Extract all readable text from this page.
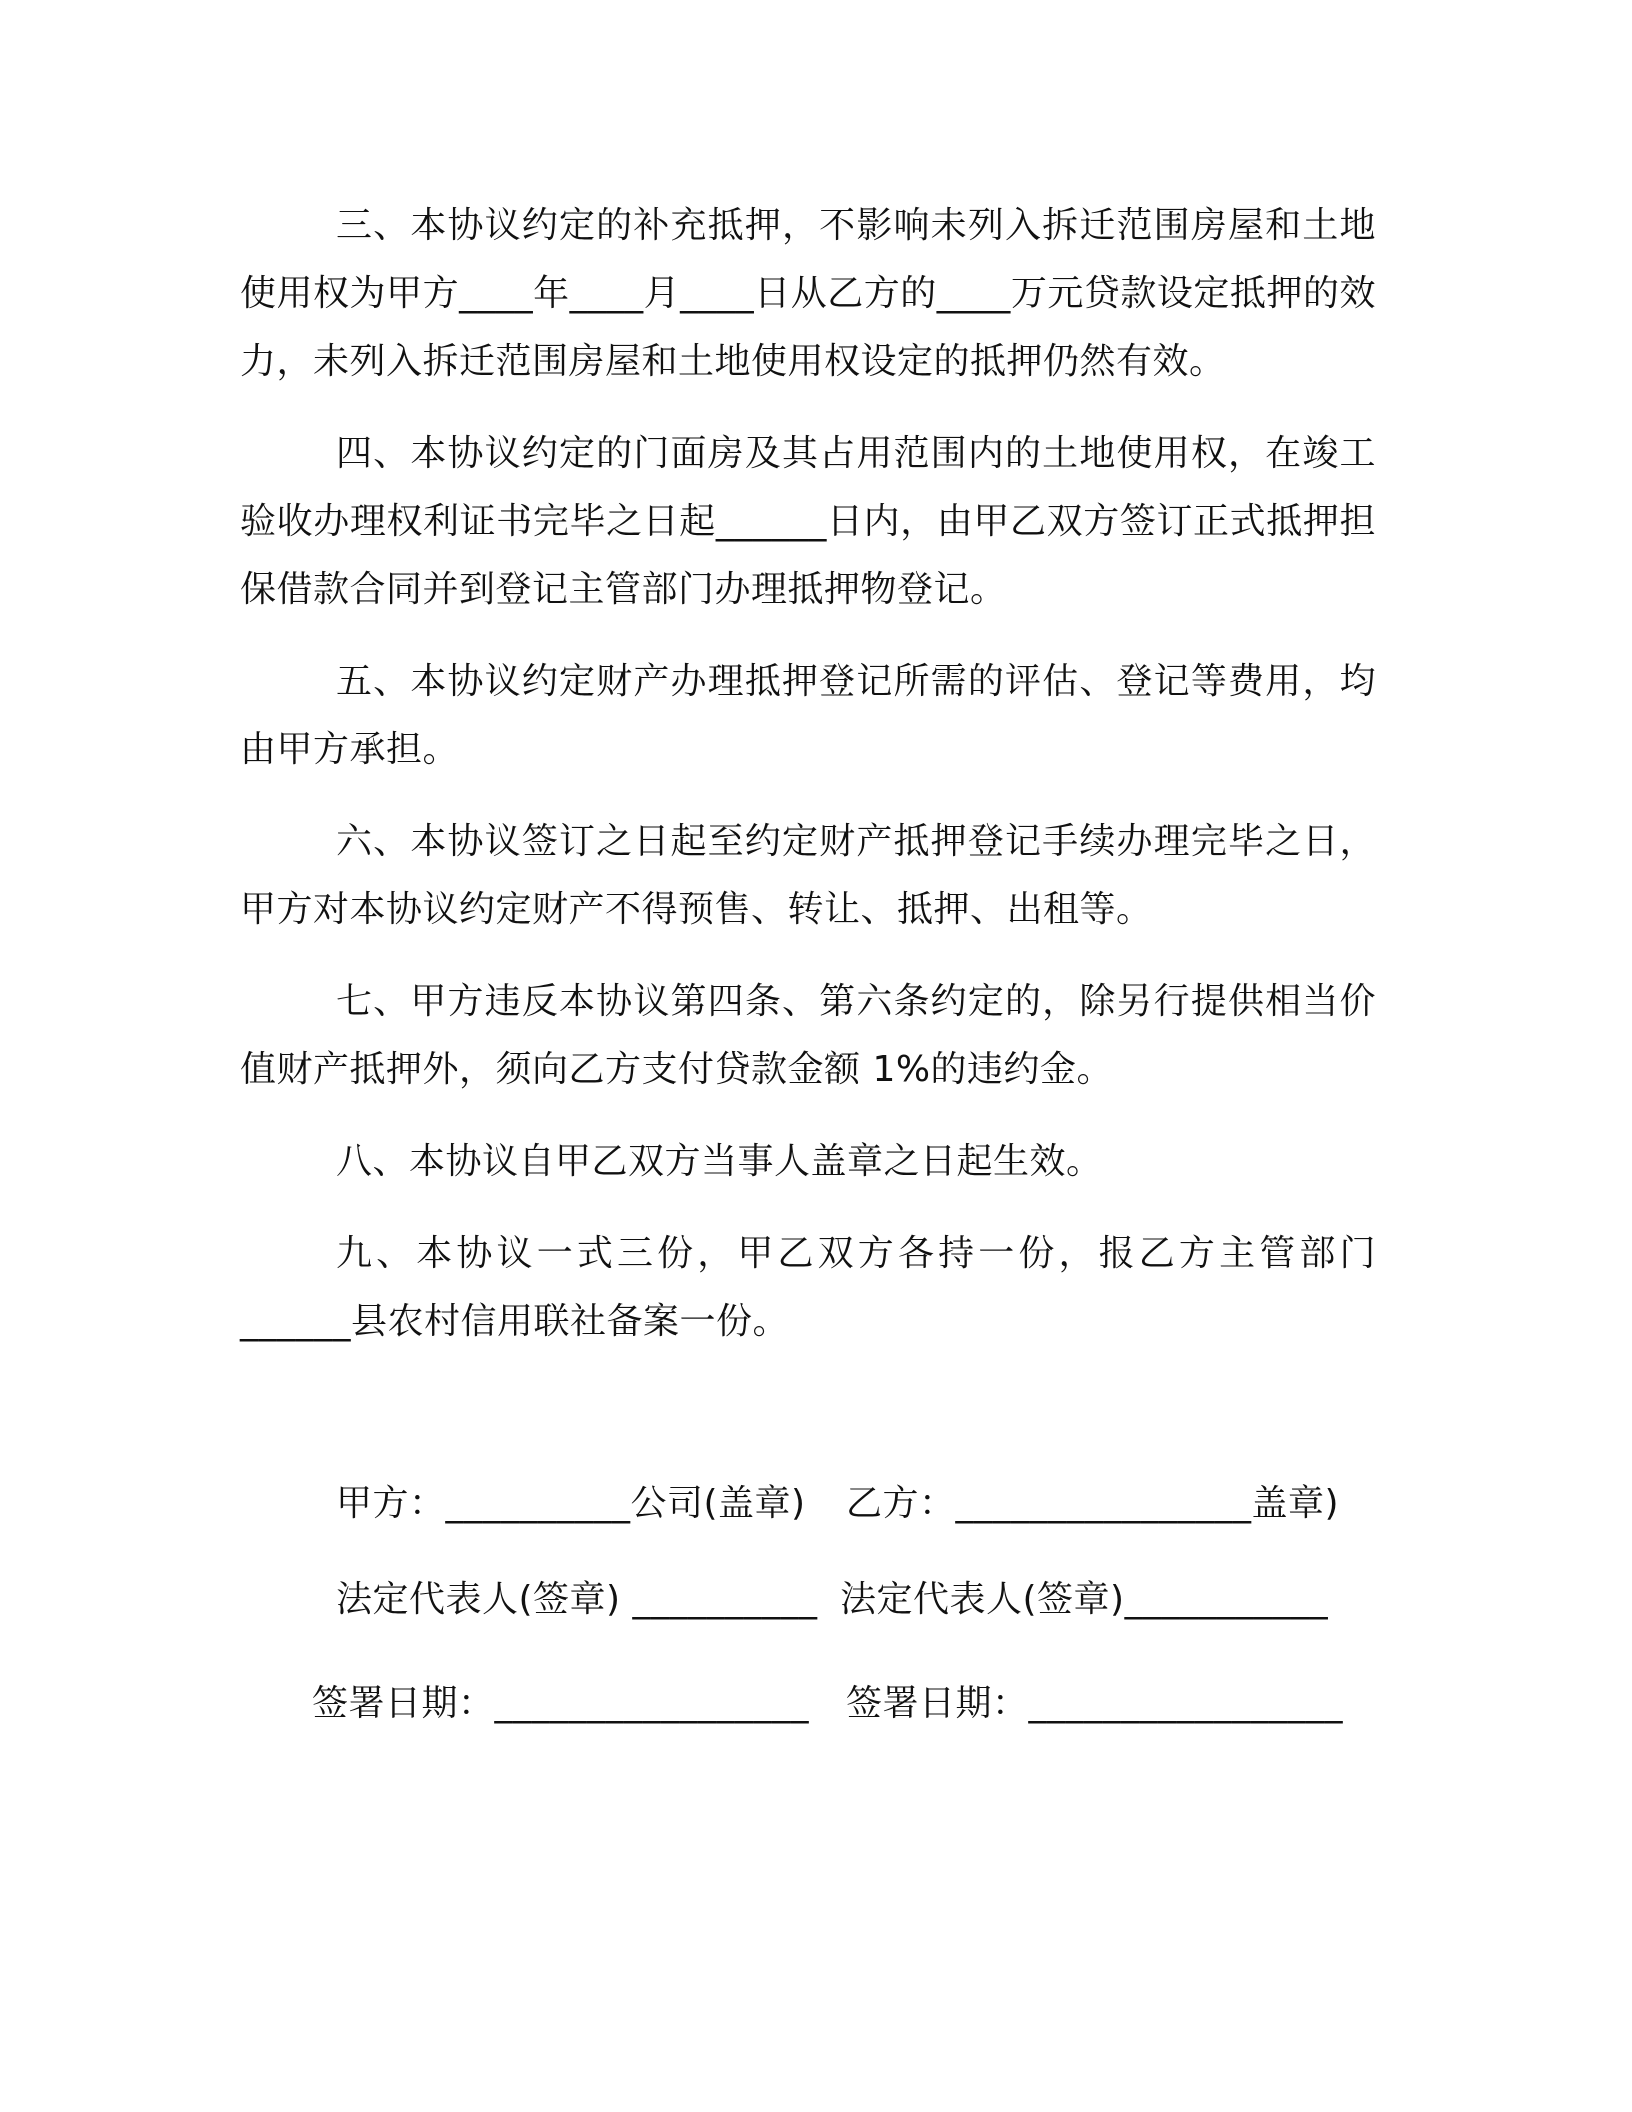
三、本协议约定的补充抵押，不影响未列入拆迁范围房屋和土地使用权为甲方____年____月____日从乙方的____万元贷款设定抵押的效力，未列入拆迁范围房屋和土地使用权设定的抵押仍然有效。

四、本协议约定的门面房及其占用范围内的土地使用权，在竣工验收办理权利证书完毕之日起______日内，由甲乙双方签订正式抵押担保借款合同并到登记主管部门办理抵押物登记。

五、本协议约定财产办理抵押登记所需的评估、登记等费用，均由甲方承担。

六、本协议签订之日起至约定财产抵押登记手续办理完毕之日，甲方对本协议约定财产不得预售、转让、抵押、出租等。

七、甲方违反本协议第四条、第六条约定的，除另行提供相当价值财产抵押外，须向乙方支付贷款金额 1%的违约金。

八、本协议自甲乙双方当事人盖章之日起生效。

九、本协议一式三份，甲乙双方各持一份，报乙方主管部门______县农村信用联社备案一份。

甲方：__________公司(盖章) 乙方：________________盖章)
法定代表人(签章) __________ 法定代表人(签章)___________
签署日期：_________________ 签署日期：_________________
